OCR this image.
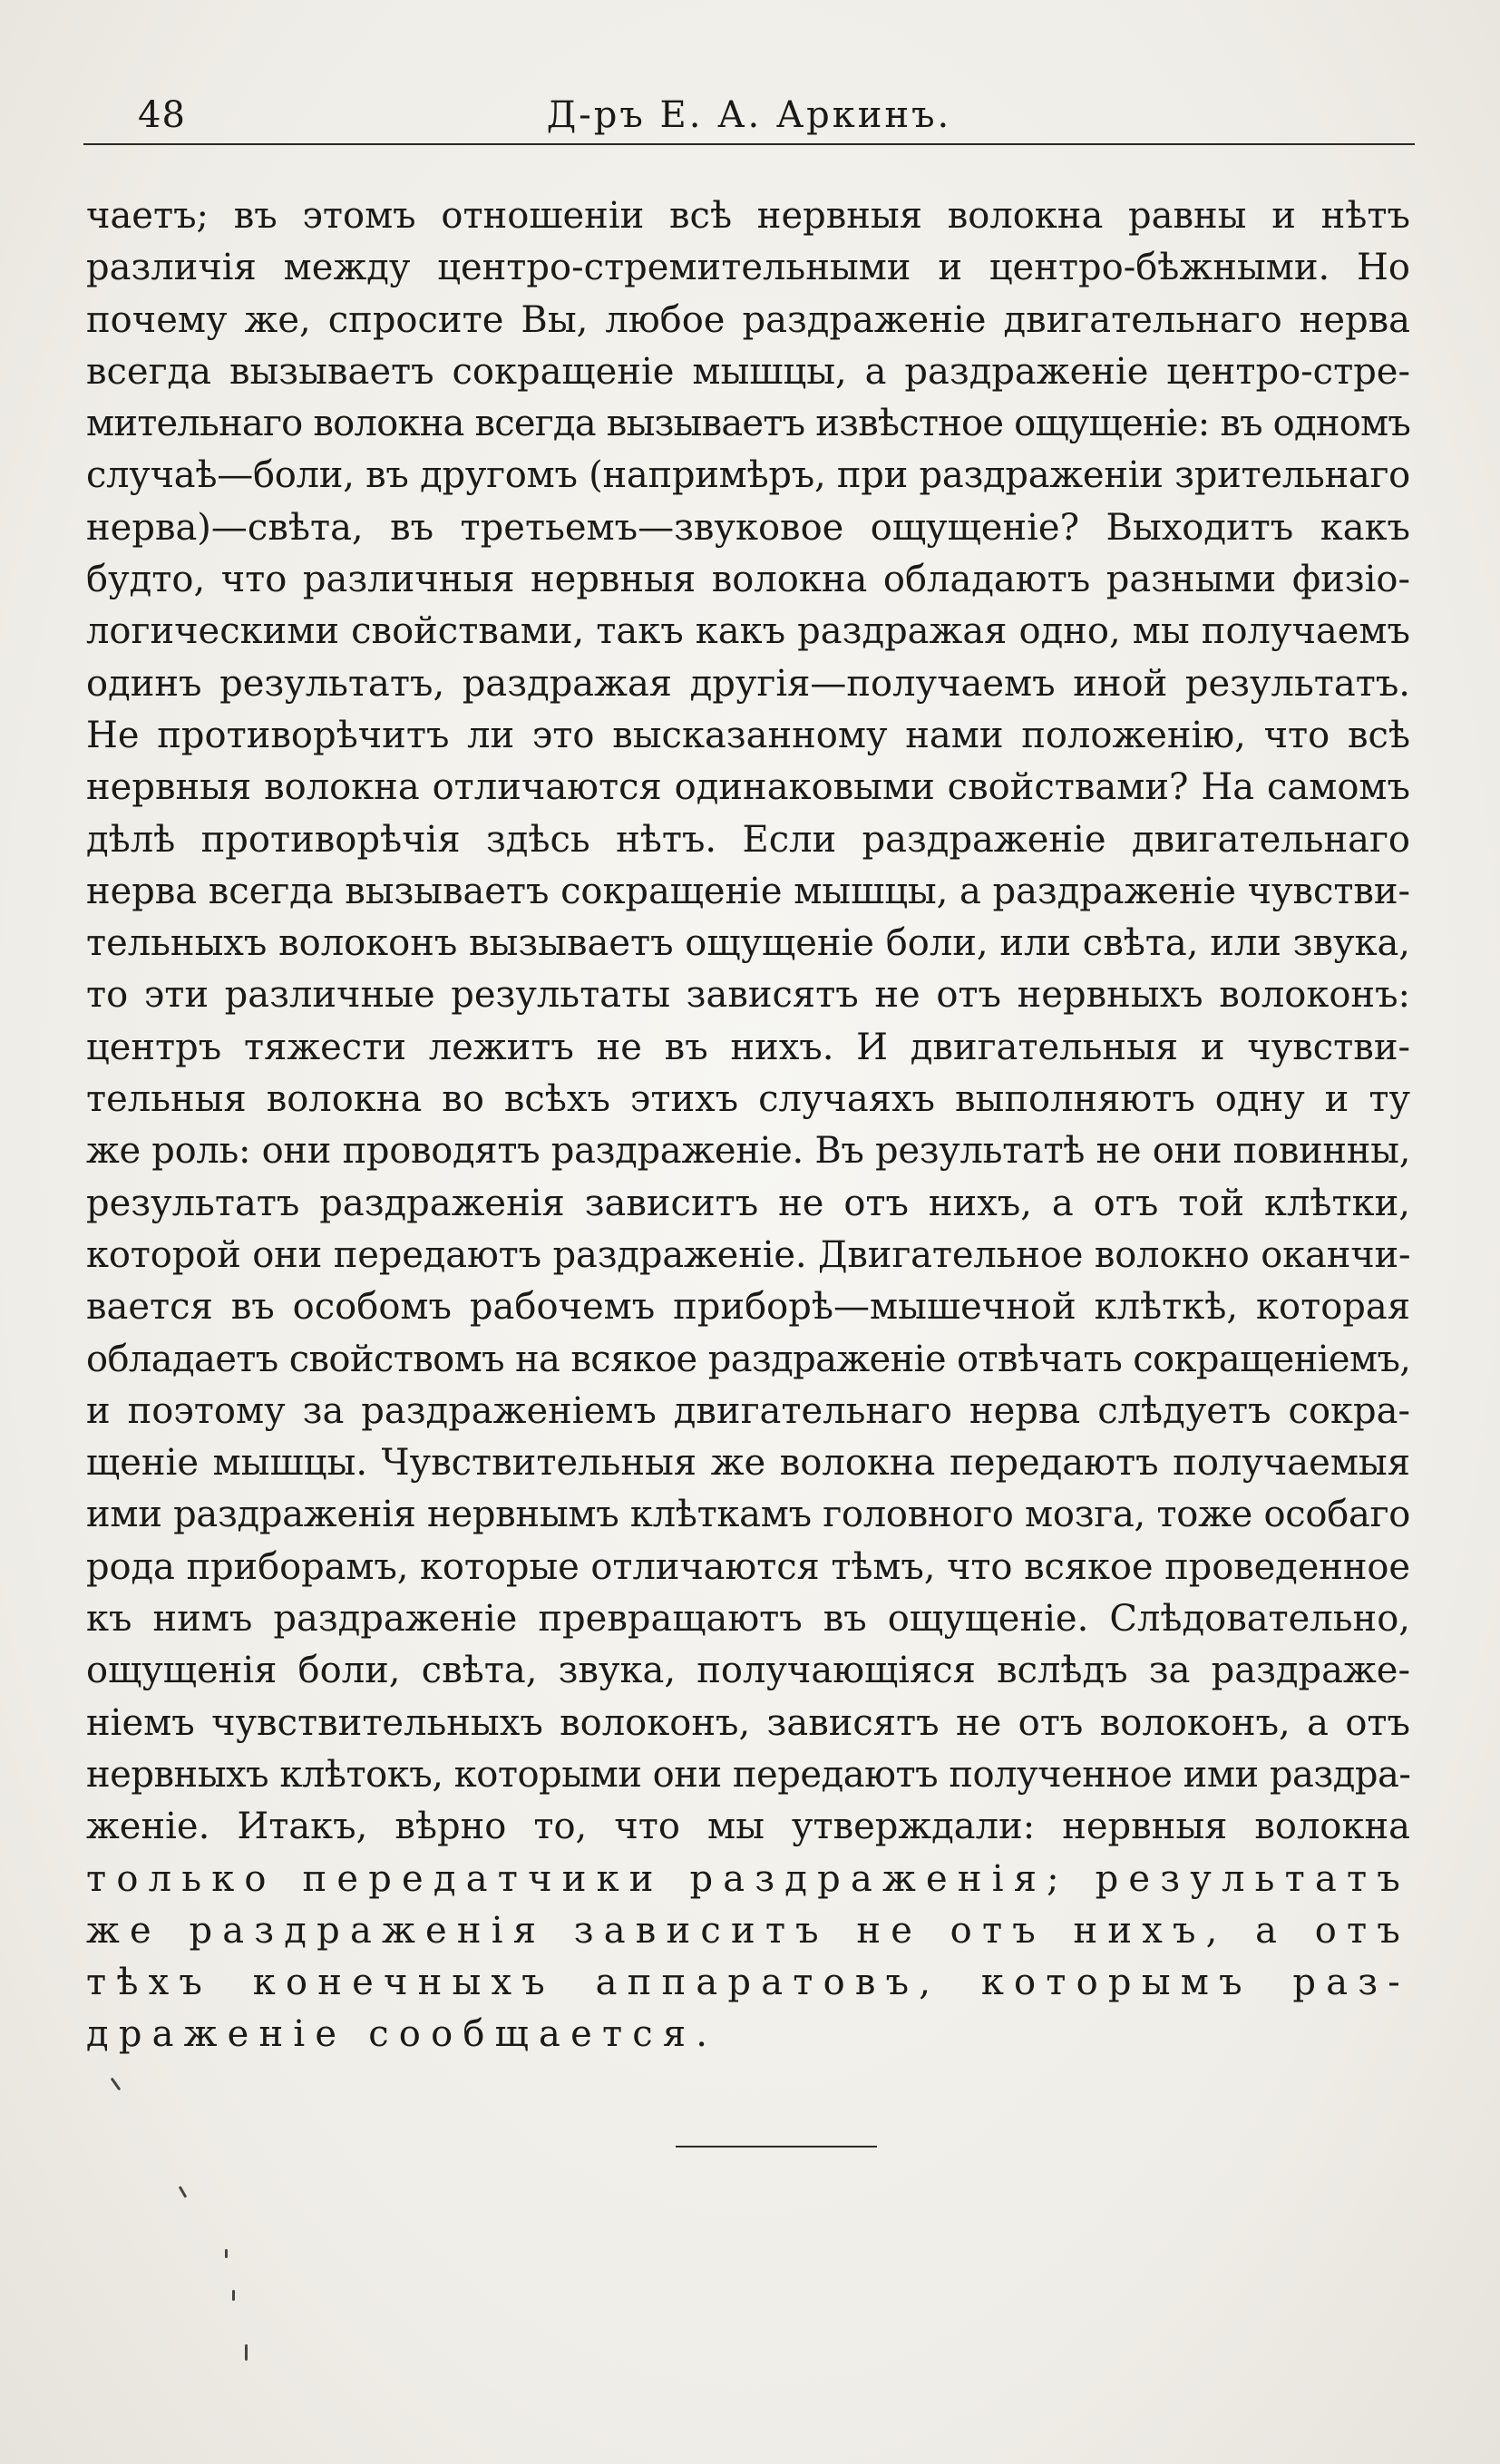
48	Д-ръ Е. А. Аркинъ.
чаетъ; въ этомъ отношеніи всѣ нервныя волокна равны и нѣтъ
различія между центро-стремительными и центро-бѣжными. Но
почему же, спросите Вы, любое раздраженіе двигательнаго нерва
всегда вызываетъ сокращеніе мышцы, а раздраженіе центро-стре-
мительнаго волокна всегда вызываетъ извѣстное ощущеніе: въ одномъ
случаѣ—боли, въ другомъ (напримѣръ, при раздраженіи зрительнаго
нерва)—свѣта, въ третьемъ—звуковое ощущеніе? Выходитъ какъ
будто, что различныя нервныя волокна обладаютъ разными физіо-
логическими свойствами, такъ какъ раздражая одно, мы получаемъ
одинъ результатъ, раздражая другія—получаемъ иной результатъ.
Не противорѣчитъ ли это высказанному нами положенію, что всѣ
нервныя волокна отличаются одинаковыми свойствами? На самомъ
дѣлѣ противорѣчія здѣсь нѣтъ. Если раздраженіе двигательнаго
нерва всегда вызываетъ сокращеніе мышцы, а раздраженіе чувстви-
тельныхъ волоконъ вызываетъ ощущеніе боли, или свѣта, или звука,
то эти различные результаты зависятъ не отъ нервныхъ волоконъ:
центръ тяжести лежитъ не въ нихъ. И двигательныя и чувстви-
тельныя волокна во всѣхъ этихъ случаяхъ выполняютъ одну и ту
же роль: они проводятъ раздраженіе. Въ результатѣ не они повинны,
результатъ раздраженія зависитъ не отъ нихъ, а отъ той клѣтки,
которой они передаютъ раздраженіе. Двигательное волокно оканчи-
вается въ особомъ рабочемъ приборѣ—мышечной клѣткѣ, которая
обладаетъ свойствомъ на всякое раздраженіе отвѣчать сокращеніемъ,
и поэтому за раздраженіемъ двигательнаго нерва слѣдуетъ сокра-
щеніе мышцы. Чувствительныя же волокна передаютъ получаемыя
ими раздраженія нервнымъ клѣткамъ головного мозга, тоже особаго
рода приборамъ, которые отличаются тѣмъ, что всякое проведенное
къ нимъ раздраженіе превращаютъ въ ощущеніе. Слѣдовательно,
ощущенія боли, свѣта, звука, получающіяся вслѣдъ за раздраже-
ніемъ чувствительныхъ волоконъ, зависятъ не отъ волоконъ, а отъ
нервныхъ клѣтокъ, которыми они передаютъ полученное ими раздра-
женіе. Итакъ, вѣрно то, что мы утверждали: нервныя волокна
только передатчики раздраженія; результатъ
же раздраженія зависитъ не отъ нихъ, а отъ
тѣхъ конечныхъ аппаратовъ, которымъ раз-
драженіе сообщается.
